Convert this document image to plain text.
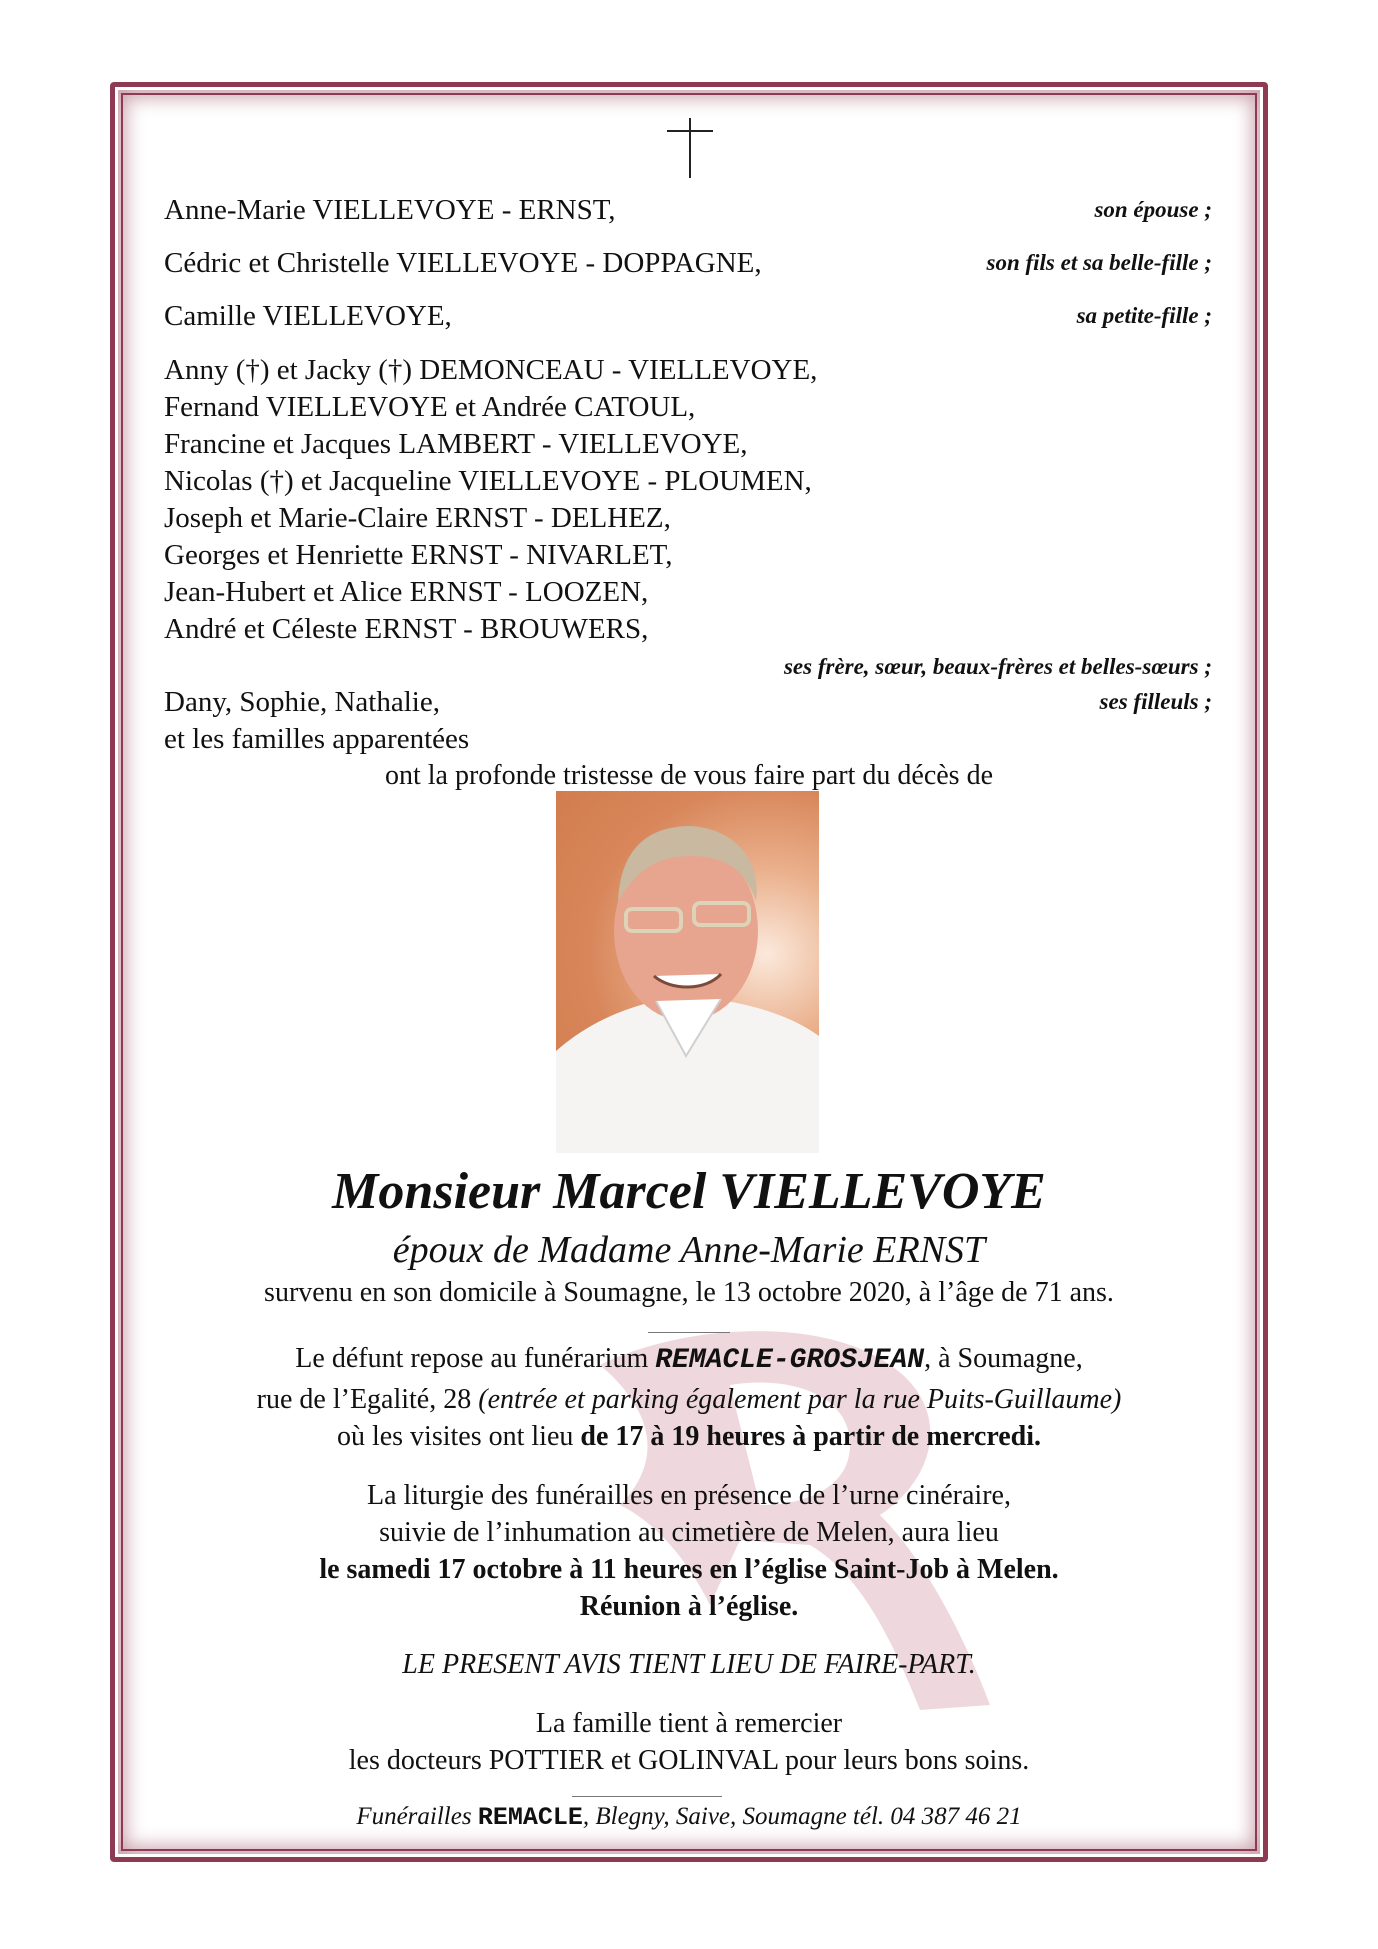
Anne-Marie VIELLEVOYE - ERNST,	son épouse ;
Cédric et Christelle VIELLEVOYE - DOPPAGNE,	son fils et sa belle-fille ;
Camille VIELLEVOYE,	sa petite-fille ;
Anny (†) et Jacky (†) DEMONCEAU - VIELLEVOYE,
Fernand VIELLEVOYE et Andrée CATOUL,
Francine et Jacques LAMBERT - VIELLEVOYE,
Nicolas (†) et Jacqueline VIELLEVOYE - PLOUMEN,
Joseph et Marie-Claire ERNST - DELHEZ,
Georges et Henriette ERNST - NIVARLET,
Jean-Hubert et Alice ERNST - LOOZEN,
André et Céleste ERNST - BROUWERS,
ses frère, sœur, beaux-frères et belles-sœurs ;
Dany, Sophie, Nathalie,	ses filleuls ;
et les familles apparentées
ont la profonde tristesse de vous faire part du décès de
Monsieur Marcel VIELLEVOYE
époux de Madame Anne-Marie ERNST
survenu en son domicile à Soumagne, le 13 octobre 2020, à l’âge de 71 ans.
Le défunt repose au funérarium REMACLE-GROSJEAN, à Soumagne,
rue de l’Egalité, 28 (entrée et parking également par la rue Puits-Guillaume)
où les visites ont lieu de 17 à 19 heures à partir de mercredi.
La liturgie des funérailles en présence de l’urne cinéraire,
suivie de l’inhumation au cimetière de Melen, aura lieu
le samedi 17 octobre à 11 heures en l’église Saint-Job à Melen.
Réunion à l’église.
LE PRESENT AVIS TIENT LIEU DE FAIRE-PART.
La famille tient à remercier
les docteurs POTTIER et GOLINVAL pour leurs bons soins.
Funérailles REMACLE, Blegny, Saive, Soumagne tél. 04 387 46 21
